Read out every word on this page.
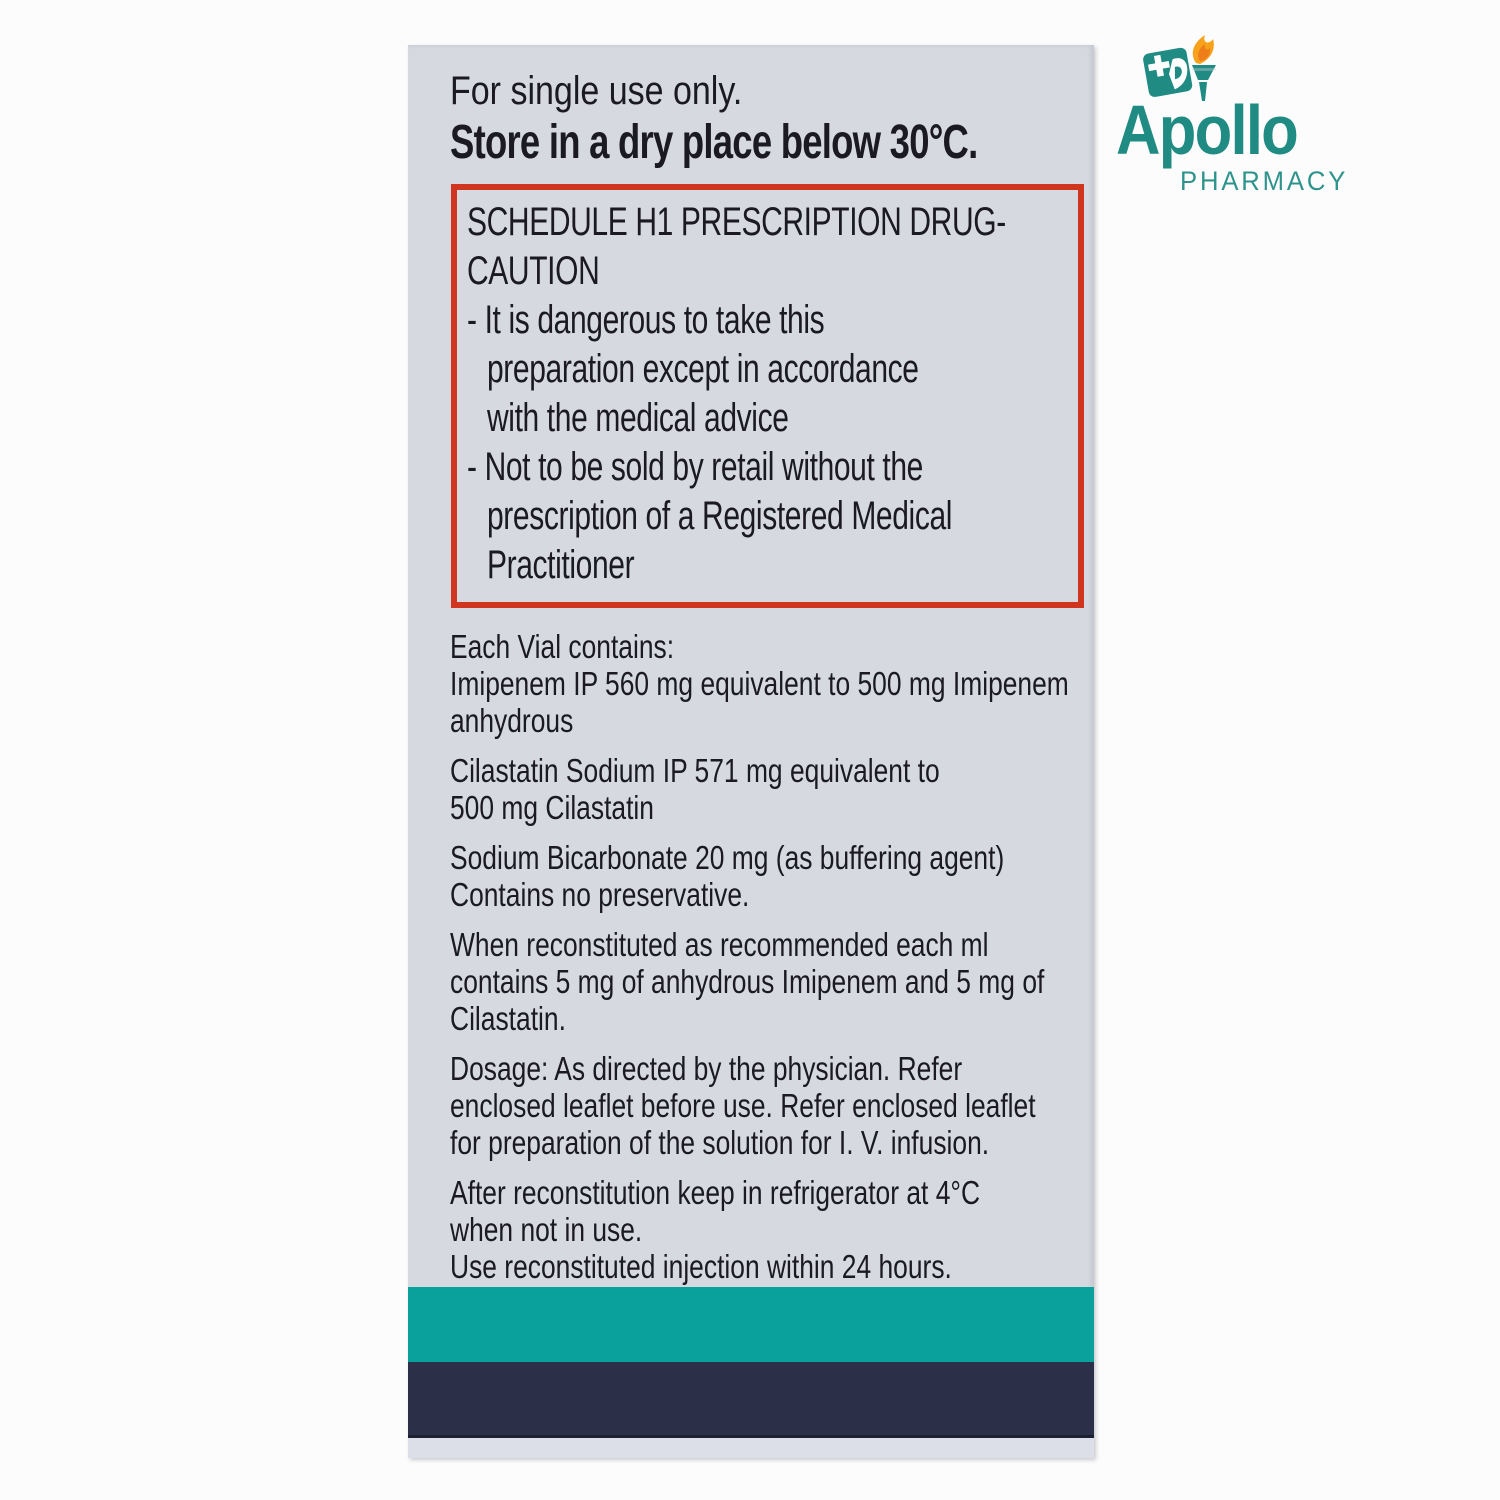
For single use only.
Store in a dry place below 30°C.
SCHEDULE H1 PRESCRIPTION DRUG-
CAUTION
- It is dangerous to take this
preparation except in accordance
with the medical advice
- Not to be sold by retail without the
prescription of a Registered Medical
Practitioner
Each Vial contains:
Imipenem IP 560 mg equivalent to 500 mg Imipenem
anhydrous
Cilastatin Sodium IP 571 mg equivalent to
500 mg Cilastatin
Sodium Bicarbonate 20 mg (as buffering agent)
Contains no preservative.
When reconstituted as recommended each ml
contains 5 mg of anhydrous Imipenem and 5 mg of
Cilastatin.
Dosage: As directed by the physician. Refer
enclosed leaflet before use. Refer enclosed leaflet
for preparation of the solution for I. V. infusion.
After reconstitution keep in refrigerator at 4°C
when not in use.
Use reconstituted injection within 24 hours.
Apollo
PHARMACY
